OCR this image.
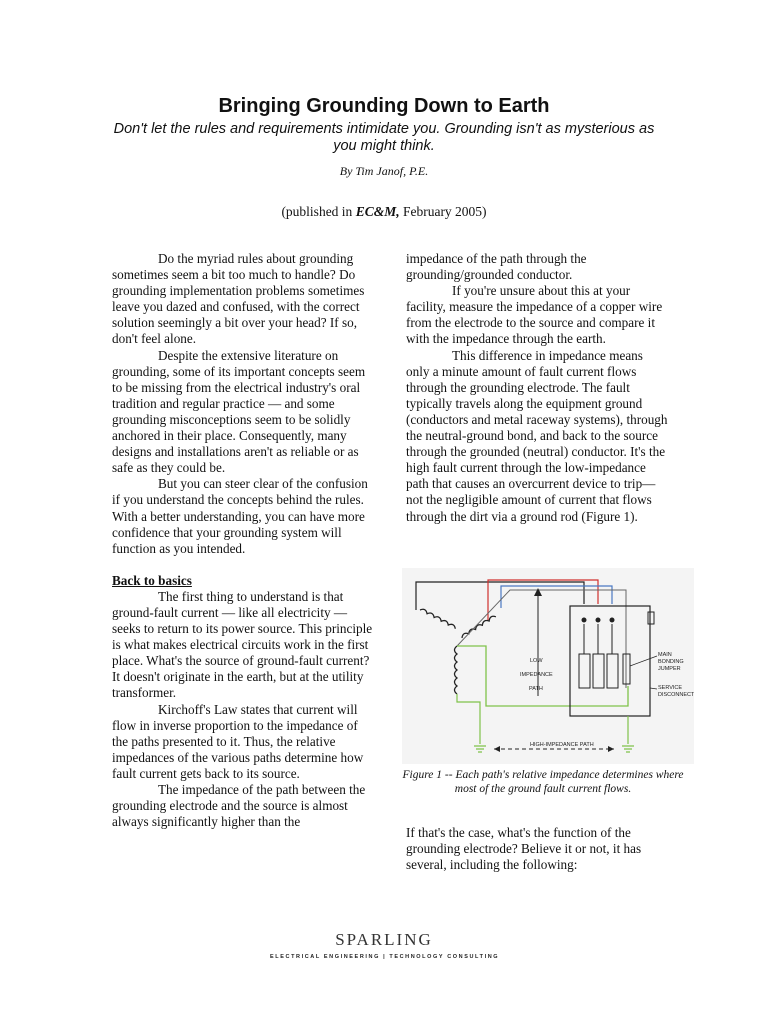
Bringing Grounding Down to Earth
Don't let the rules and requirements intimidate you. Grounding isn't as mysterious as you might think.
By Tim Janof, P.E.
(published in EC&M, February 2005)

Do the myriad rules about grounding sometimes seem a bit too much to handle? Do grounding implementation problems sometimes leave you dazed and confused, with the correct solution seemingly a bit over your head? If so, don't feel alone.

Despite the extensive literature on grounding, some of its important concepts seem to be missing from the electrical industry's oral tradition and regular practice — and some grounding misconceptions seem to be solidly anchored in their place. Consequently, many designs and installations aren't as reliable or as safe as they could be.

But you can steer clear of the confusion if you understand the concepts behind the rules. With a better understanding, you can have more confidence that your grounding system will function as you intended.

Back to basics

The first thing to understand is that ground-fault current — like all electricity — seeks to return to its power source. This principle is what makes electrical circuits work in the first place. What's the source of ground-fault current? It doesn't originate in the earth, but at the utility transformer.

Kirchoff's Law states that current will flow in inverse proportion to the impedance of the paths presented to it. Thus, the relative impedances of the various paths determine how fault current gets back to its source.

The impedance of the path between the grounding electrode and the source is almost always significantly higher than the

impedance of the path through the grounding/grounded conductor.

If you're unsure about this at your facility, measure the impedance of a copper wire from the electrode to the source and compare it with the impedance through the earth.

This difference in impedance means only a minute amount of fault current flows through the grounding electrode. The fault typically travels along the equipment ground (conductors and metal raceway systems), through the neutral-ground bond, and back to the source through the grounded (neutral) conductor. It's the high fault current through the low-impedance path that causes an overcurrent device to trip—not the negligible amount of current that flows through the dirt via a ground rod (Figure 1).

LOW
IMPEDANCE
PATH
MAIN
BONDING
JUMPER
SERVICE
DISCONNECT
HIGH-IMPEDANCE PATH
Figure 1 -- Each path's relative impedance determines where most of the ground fault current flows.

If that's the case, what's the function of the grounding electrode? Believe it or not, it has several, including the following:

SPARLING
ELECTRICAL ENGINEERING | TECHNOLOGY CONSULTING
